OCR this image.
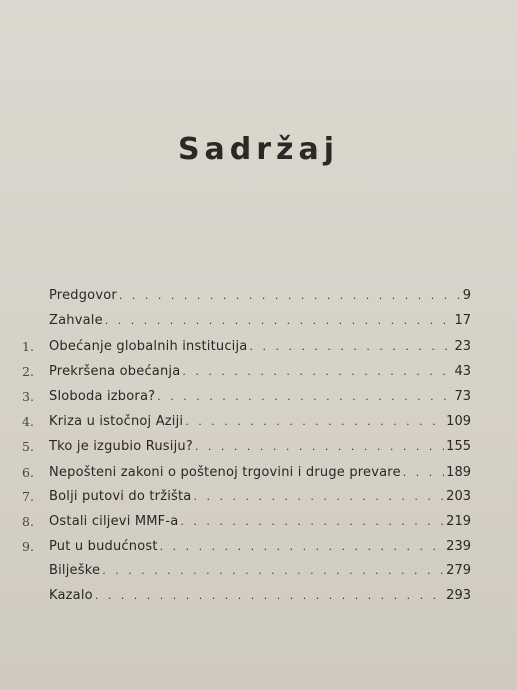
Sadržaj
Predgovor . . .	9
Zahvale . . .	17
1.	Obećanje globalnih institucija . . .	23
2.	Prekršena obećanja . . .	43
3.	Sloboda izbora? . . .	73
4.	Kriza u istočnoj Aziji . . .	109
5.	Tko je izgubio Rusiju? . . .	155
6.	Nepošteni zakoni o poštenoj trgovini i druge prevare . . .	189
7.	Bolji putovi do tržišta . . .	203
8.	Ostali ciljevi MMF-a . . .	219
9.	Put u budućnost . . .	239
Bilješke . . .	279
Kazalo . . .	293
